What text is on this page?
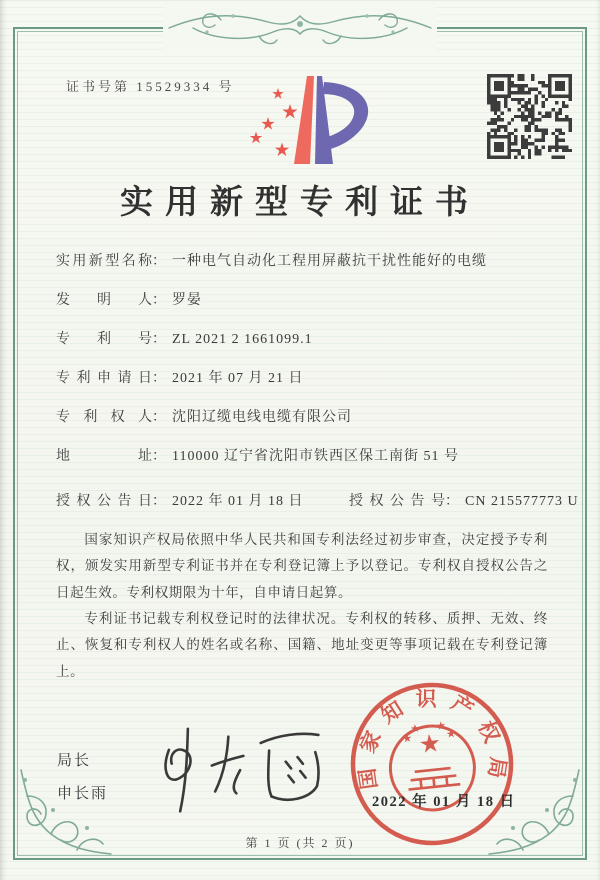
证书号第 15529334 号
实用新型专利证书
实用新型名称： 一种电气自动化工程用屏蔽抗干扰性能好的电缆
发明人： 罗晏
专利号： ZL 2021 2 1661099.1
专利申请日： 2021 年 07 月 21 日
专利权人： 沈阳辽缆电线电缆有限公司
地址： 110000 辽宁省沈阳市铁西区保工南街 51 号
授权公告日： 2022 年 01 月 18 日	授权公告号： CN 215577773 U

国家知识产权局依照中华人民共和国专利法经过初步审查，决定授予专利权，颁发实用新型专利证书并在专利登记簿上予以登记。专利权自授权公告之日起生效。专利权期限为十年，自申请日起算。

专利证书记载专利权登记时的法律状况。专利权的转移、质押、无效、终止、恢复和专利权人的姓名或名称、国籍、地址变更等事项记载在专利登记簿上。

局长
申长雨
国家知识产权局
2022 年 01 月 18 日
第 1 页 (共 2 页)
